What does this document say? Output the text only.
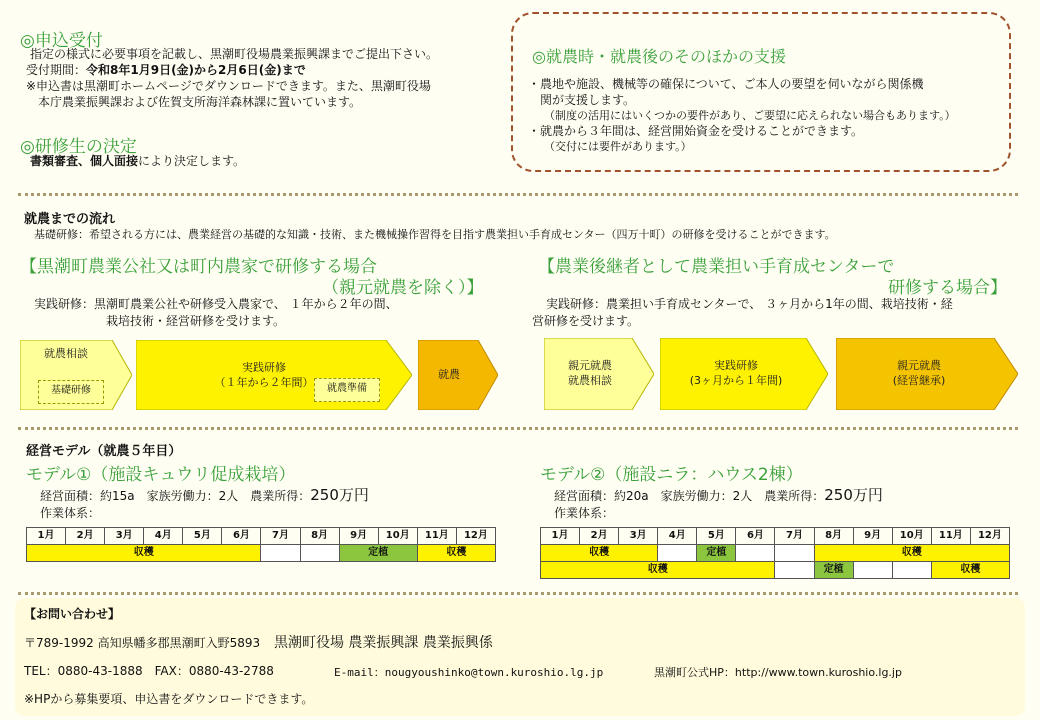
◎申込受付
指定の様式に必要事項を記載し、黒潮町役場農業振興課までご提出下さい。
受付期間：令和8年1月9日(金)から2月6日(金)まで
※申込書は黒潮町ホームページでダウンロードできます。また、黒潮町役場
本庁農業振興課および佐賀支所海洋森林課に置いています。
◎研修生の決定
書類審査、個人面接により決定します。
◎就農時・就農後のそのほかの支援
・農地や施設、機械等の確保について、ご本人の要望を伺いながら関係機
関が支援します。
（制度の活用にはいくつかの要件があり、ご要望に応えられない場合もあります。）
・就農から３年間は、経営開始資金を受けることができます。
（交付には要件があります。）
就農までの流れ
基礎研修：希望される方には、農業経営の基礎的な知識・技術、また機械操作習得を目指す農業担い手育成センター（四万十町）の研修を受けることができます。
【黒潮町農業公社又は町内農家で研修する場合
（親元就農を除く）】
実践研修：黒潮町農業公社や研修受入農家で、 １年から２年の間、
栽培技術・経営研修を受けます。
【農業後継者として農業担い手育成センターで
研修する場合】
実践研修：農業担い手育成センターで、 ３ヶ月から1年の間、栽培技術・経
営研修を受けます。
就農相談
基礎研修
実践研修
（１年から２年間）	就農準備
就農
親元就農
就農相談
実践研修
(3ヶ月から１年間)
親元就農
(経営継承)
経営モデル（就農５年目）
モデル①（施設キュウリ促成栽培）
経営面積：約15a　家族労働力：2人　農業所得：250万円
作業体系：
1月	2月	3月	4月	5月	6月	7月	8月	9月	10月	11月	12月
収穫								定植		収穫	
モデル②（施設ニラ：ハウス2棟）
経営面積：約20a　家族労働力：2人　農業所得：250万円
作業体系：
1月	2月	3月	4月	5月	6月	7月	8月	9月	10月	11月	12月
収穫				定植			収穫				
収穫							定植			収穫	
【お問い合わせ】
〒789-1992 高知県幡多郡黒潮町入野5893 黒潮町役場 農業振興課 農業振興係
TEL：0880-43-1888　FAX：0880-43-2788	E-mail：nougyoushinko@town.kuroshio.lg.jp	黒潮町公式HP：http://www.town.kuroshio.lg.jp
※HPから募集要項、申込書をダウンロードできます。
